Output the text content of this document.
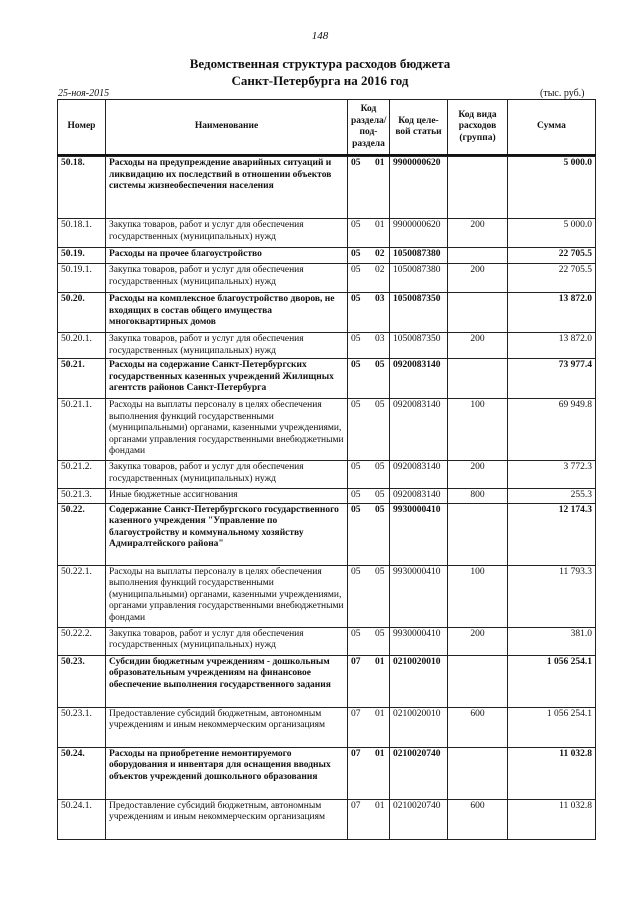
148
Ведомственная структура расходов бюджета
Санкт-Петербурга на 2016 год
25-ноя-2015	(тыс. руб.)
Номер	Наименование	Код раздела/ под-раздела	Код целе-вой статьи	Код вида расходов (группа)	Сумма

50.18.	Расходы на предупреждение аварийных ситуаций и ликвидацию их последствий в отношении объектов системы жизнеобеспечения населения	05 01	9900000620		5 000.0
50.18.1.	Закупка товаров, работ и услуг для обеспечения государственных (муниципальных) нужд	05 01	9900000620	200	5 000.0
50.19.	Расходы на прочее благоустройство	05 02	1050087380		22 705.5
50.19.1.	Закупка товаров, работ и услуг для обеспечения государственных (муниципальных) нужд	05 02	1050087380	200	22 705.5
50.20.	Расходы на комплексное благоустройство дворов, не входящих в состав общего имущества многоквартирных домов	05 03	1050087350		13 872.0
50.20.1.	Закупка товаров, работ и услуг для обеспечения государственных (муниципальных) нужд	05 03	1050087350	200	13 872.0
50.21.	Расходы на содержание Санкт-Петербургских государственных казенных учреждений Жилищных агентств районов Санкт-Петербурга	05 05	0920083140		73 977.4
50.21.1.	Расходы на выплаты персоналу в целях обеспечения выполнения функций государственными (муниципальными) органами, казенными учреждениями, органами управления государственными внебюджетными фондами	05 05	0920083140	100	69 949.8
50.21.2.	Закупка товаров, работ и услуг для обеспечения государственных (муниципальных) нужд	05 05	0920083140	200	3 772.3
50.21.3.	Иные бюджетные ассигнования	05 05	0920083140	800	255.3
50.22.	Содержание Санкт-Петербургского государственного казенного учреждения "Управление по благоустройству и коммунальному хозяйству Адмиралтейского района"	05 05	9930000410		12 174.3
50.22.1.	Расходы на выплаты персоналу в целях обеспечения выполнения функций государственными (муниципальными) органами, казенными учреждениями, органами управления государственными внебюджетными фондами	05 05	9930000410	100	11 793.3
50.22.2.	Закупка товаров, работ и услуг для обеспечения государственных (муниципальных) нужд	05 05	9930000410	200	381.0
50.23.	Субсидии бюджетным учреждениям - дошкольным образовательным учреждениям на финансовое обеспечение выполнения государственного задания	07 01	0210020010		1 056 254.1
50.23.1.	Предоставление субсидий бюджетным, автономным учреждениям и иным некоммерческим организациям	07 01	0210020010	600	1 056 254.1
50.24.	Расходы на приобретение немонтируемого оборудования и инвентаря для оснащения вводных объектов учреждений дошкольного образования	07 01	0210020740		11 032.8
50.24.1.	Предоставление субсидий бюджетным, автономным учреждениям и иным некоммерческим организациям	07 01	0210020740	600	11 032.8
